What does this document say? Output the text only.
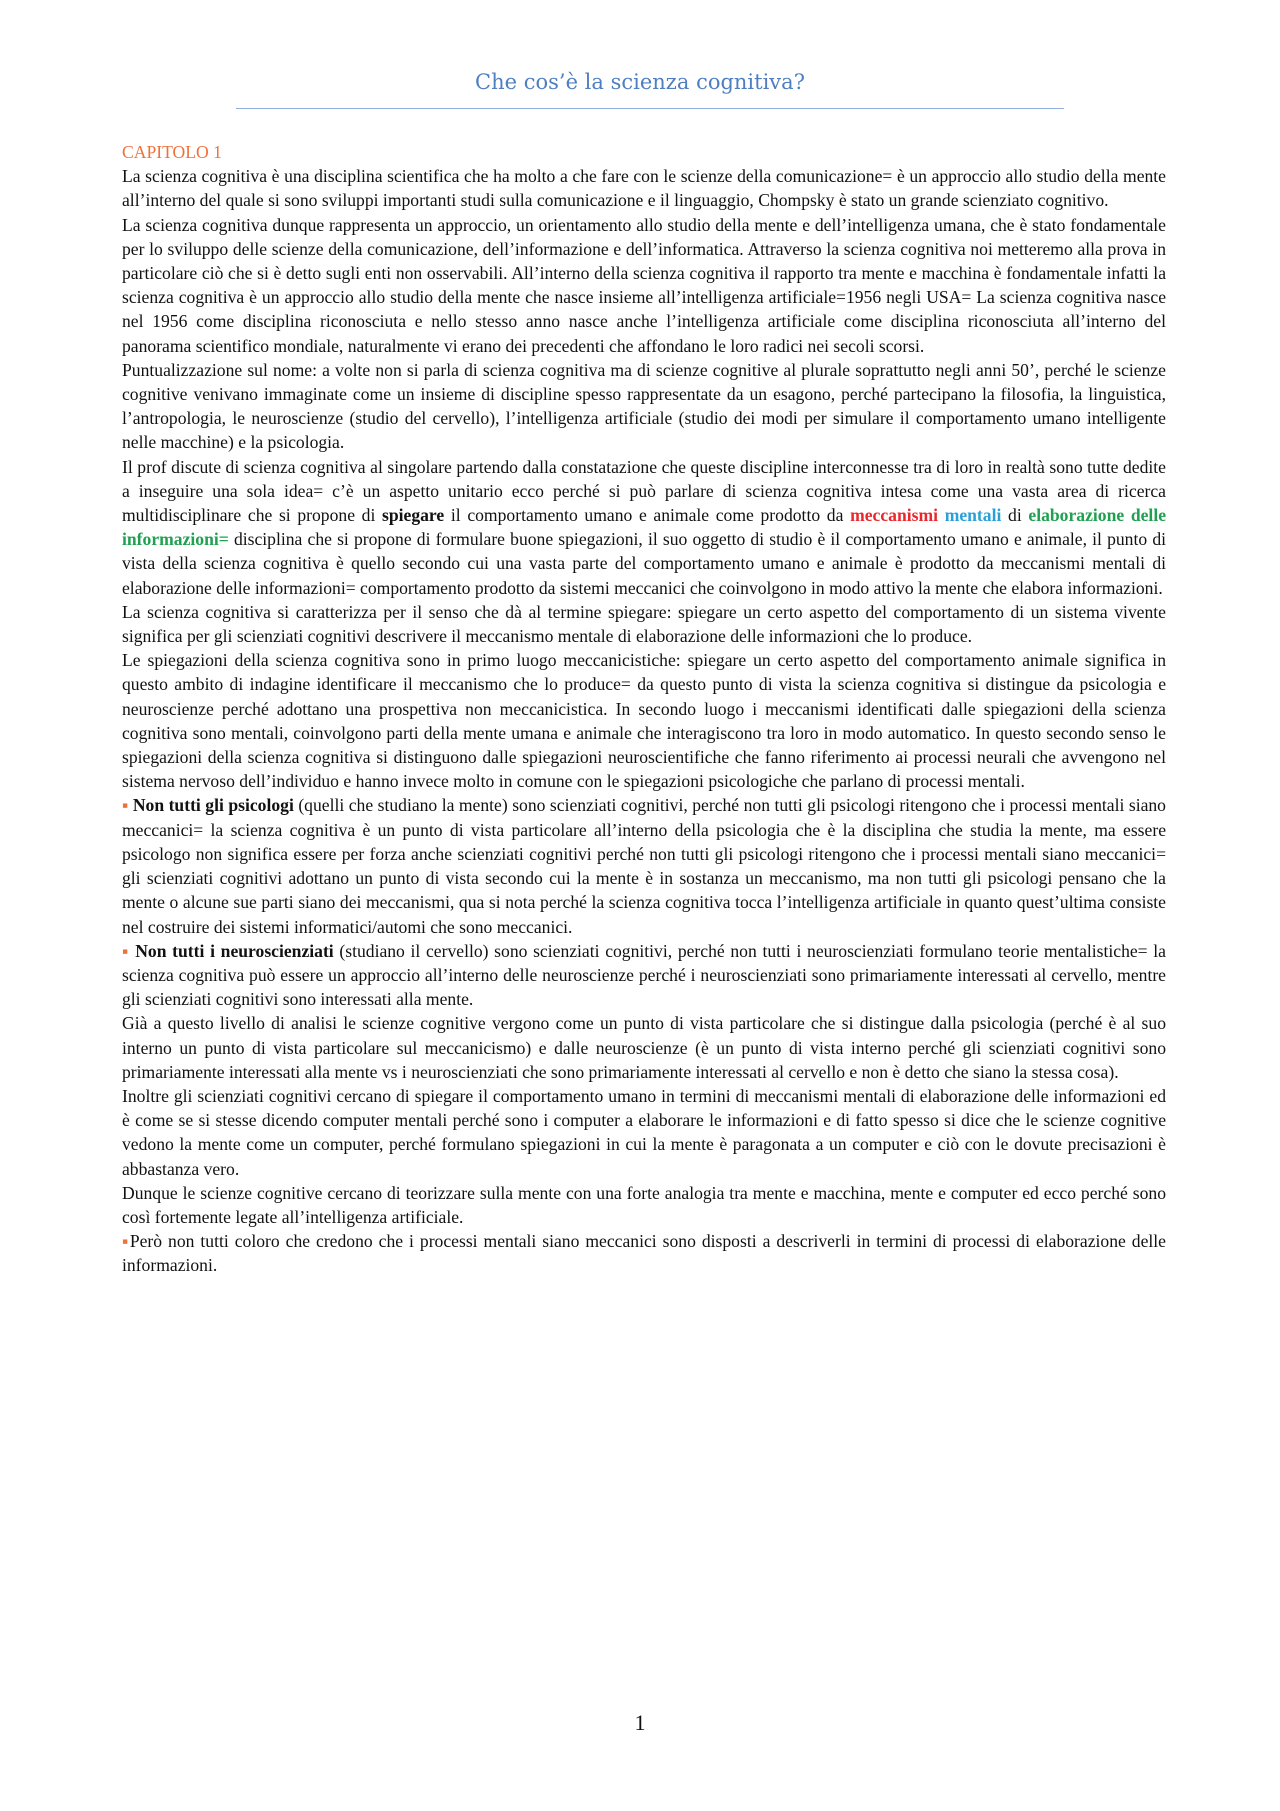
Che cos’è la scienza cognitiva?

CAPITOLO 1

La scienza cognitiva è una disciplina scientifica che ha molto a che fare con le scienze della comunicazione= è un approccio allo studio della mente all’interno del quale si sono sviluppi importanti studi sulla comunicazione e il linguaggio, Chompsky è stato un grande scienziato cognitivo.

La scienza cognitiva dunque rappresenta un approccio, un orientamento allo studio della mente e dell’intelligenza umana, che è stato fondamentale per lo sviluppo delle scienze della comunicazione, dell’informazione e dell’informatica. Attraverso la scienza cognitiva noi metteremo alla prova in particolare ciò che si è detto sugli enti non osservabili. All’interno della scienza cognitiva il rapporto tra mente e macchina è fondamentale infatti la scienza cognitiva è un approccio allo studio della mente che nasce insieme all’intelligenza artificiale=1956 negli USA= La scienza cognitiva nasce nel 1956 come disciplina riconosciuta e nello stesso anno nasce anche l’intelligenza artificiale come disciplina riconosciuta all’interno del panorama scientifico mondiale, naturalmente vi erano dei precedenti che affondano le loro radici nei secoli scorsi.

Puntualizzazione sul nome: a volte non si parla di scienza cognitiva ma di scienze cognitive al plurale soprattutto negli anni 50’, perché le scienze cognitive venivano immaginate come un insieme di discipline spesso rappresentate da un esagono, perché partecipano la filosofia, la linguistica, l’antropologia, le neuroscienze (studio del cervello), l’intelligenza artificiale (studio dei modi per simulare il comportamento umano intelligente nelle macchine) e la psicologia.

Il prof discute di scienza cognitiva al singolare partendo dalla constatazione che queste discipline interconnesse tra di loro in realtà sono tutte dedite a inseguire una sola idea= c’è un aspetto unitario ecco perché si può parlare di scienza cognitiva intesa come una vasta area di ricerca multidisciplinare che si propone di spiegare il comportamento umano e animale come prodotto da meccanismi mentali di elaborazione delle informazioni= disciplina che si propone di formulare buone spiegazioni, il suo oggetto di studio è il comportamento umano e animale, il punto di vista della scienza cognitiva è quello secondo cui una vasta parte del comportamento umano e animale è prodotto da meccanismi mentali di elaborazione delle informazioni= comportamento prodotto da sistemi meccanici che coinvolgono in modo attivo la mente che elabora informazioni.

La scienza cognitiva si caratterizza per il senso che dà al termine spiegare: spiegare un certo aspetto del comportamento di un sistema vivente significa per gli scienziati cognitivi descrivere il meccanismo mentale di elaborazione delle informazioni che lo produce.

Le spiegazioni della scienza cognitiva sono in primo luogo meccanicistiche: spiegare un certo aspetto del comportamento animale significa in questo ambito di indagine identificare il meccanismo che lo produce= da questo punto di vista la scienza cognitiva si distingue da psicologia e neuroscienze perché adottano una prospettiva non meccanicistica. In secondo luogo i meccanismi identificati dalle spiegazioni della scienza cognitiva sono mentali, coinvolgono parti della mente umana e animale che interagiscono tra loro in modo automatico. In questo secondo senso le spiegazioni della scienza cognitiva si distinguono dalle spiegazioni neuroscientifiche che fanno riferimento ai processi neurali che avvengono nel sistema nervoso dell’individuo e hanno invece molto in comune con le spiegazioni psicologiche che parlano di processi mentali.

▪ Non tutti gli psicologi (quelli che studiano la mente) sono scienziati cognitivi, perché non tutti gli psicologi ritengono che i processi mentali siano meccanici= la scienza cognitiva è un punto di vista particolare all’interno della psicologia che è la disciplina che studia la mente, ma essere psicologo non significa essere per forza anche scienziati cognitivi perché non tutti gli psicologi ritengono che i processi mentali siano meccanici= gli scienziati cognitivi adottano un punto di vista secondo cui la mente è in sostanza un meccanismo, ma non tutti gli psicologi pensano che la mente o alcune sue parti siano dei meccanismi, qua si nota perché la scienza cognitiva tocca l’intelligenza artificiale in quanto quest’ultima consiste nel costruire dei sistemi informatici/automi che sono meccanici.

▪ Non tutti i neuroscienziati (studiano il cervello) sono scienziati cognitivi, perché non tutti i neuroscienziati formulano teorie mentalistiche= la scienza cognitiva può essere un approccio all’interno delle neuroscienze perché i neuroscienziati sono primariamente interessati al cervello, mentre gli scienziati cognitivi sono interessati alla mente.

Già a questo livello di analisi le scienze cognitive vergono come un punto di vista particolare che si distingue dalla psicologia (perché è al suo interno un punto di vista particolare sul meccanicismo) e dalle neuroscienze (è un punto di vista interno perché gli scienziati cognitivi sono primariamente interessati alla mente vs i neuroscienziati che sono primariamente interessati al cervello e non è detto che siano la stessa cosa).

Inoltre gli scienziati cognitivi cercano di spiegare il comportamento umano in termini di meccanismi mentali di elaborazione delle informazioni ed è come se si stesse dicendo computer mentali perché sono i computer a elaborare le informazioni e di fatto spesso si dice che le scienze cognitive vedono la mente come un computer, perché formulano spiegazioni in cui la mente è paragonata a un computer e ciò con le dovute precisazioni è abbastanza vero.

Dunque le scienze cognitive cercano di teorizzare sulla mente con una forte analogia tra mente e macchina, mente e computer ed ecco perché sono così fortemente legate all’intelligenza artificiale.

▪Però non tutti coloro che credono che i processi mentali siano meccanici sono disposti a descriverli in termini di processi di elaborazione delle informazioni.

1
